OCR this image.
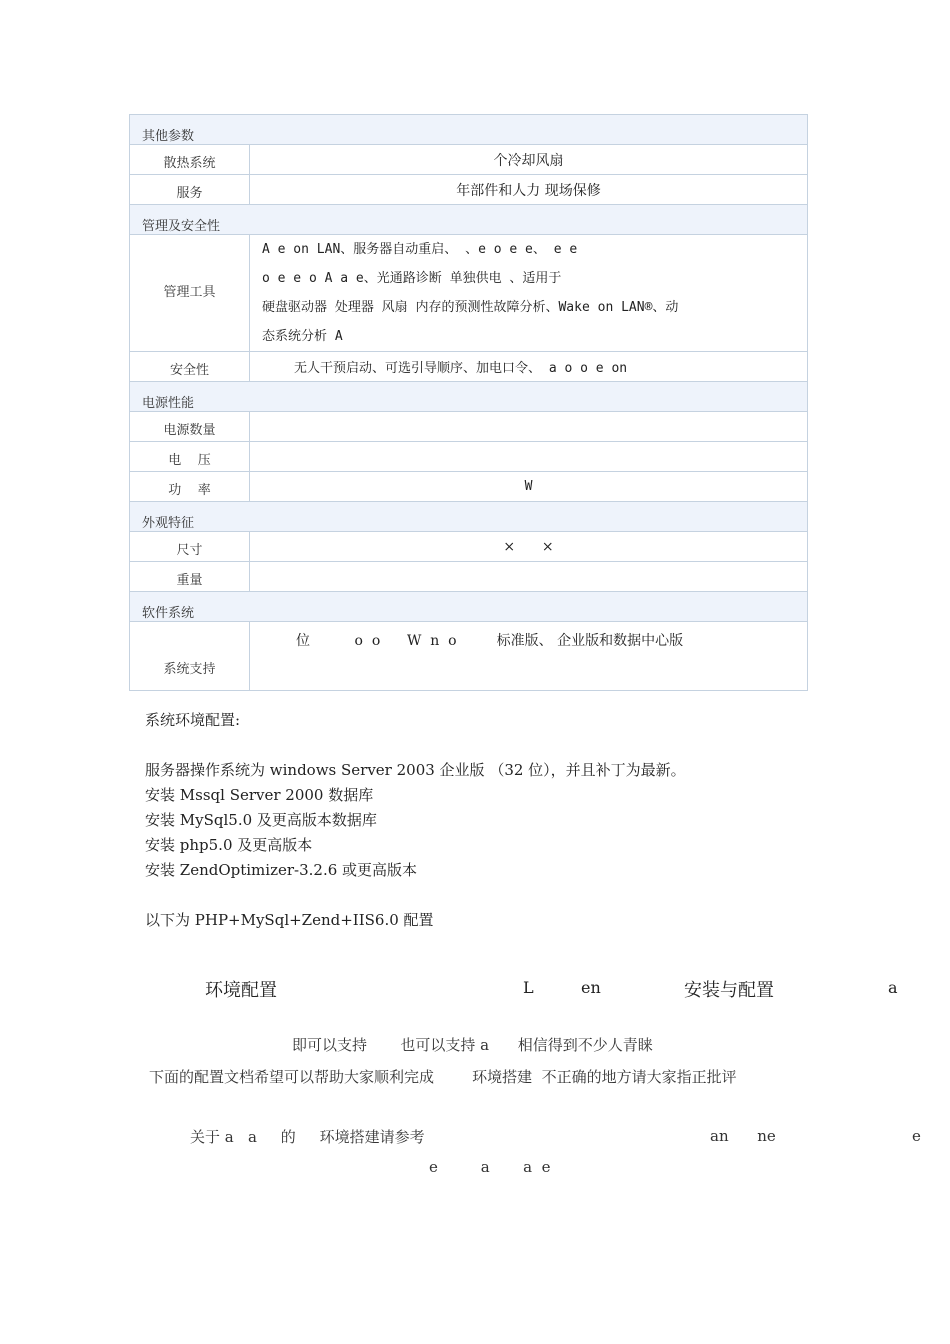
其他参数	
散热系统	个冷却风扇
服务	年部件和人力 现场保修
管理及安全性	
管理工具	A e on LAN、服务器自动重启、 、e o e e、 e e
o e e o A a e、光通路诊断 单独供电 、适用于
硬盘驱动器 处理器 风扇 内存的预测性故障分析、Wake on LAN®、动
态系统分析 A

安全性	无人干预启动、可选引导顺序、加电口令、 a o o e on
电源性能	
电源数量	
电    压	
功    率	W
外观特征	
尺寸	×      ×
重量	
软件系统	
系统支持	位          o  o      W  n  o         标准版、 企业版和数据中心版
系统环境配置:
服务器操作系统为 windows Server 2003 企业版 （32 位），并且补丁为最新。
安装 Mssql Server 2000 数据库
安装 MySql5.0 及更高版本数据库
安装 php5.0 及更高版本
安装 ZendOptimizer-3.2.6 或更高版本
以下为 PHP+MySql+Zend+IIS6.0 配置
环境配置	L	en	安装与配置	a
即可以支持       也可以支持 a      相信得到不少人青睐
下面的配置文档希望可以帮助大家顺利完成        环境搭建  不正确的地方请大家指正批评
关于 a   a     的     环境搭建请参考	an      ne	e
e         a       a  e
